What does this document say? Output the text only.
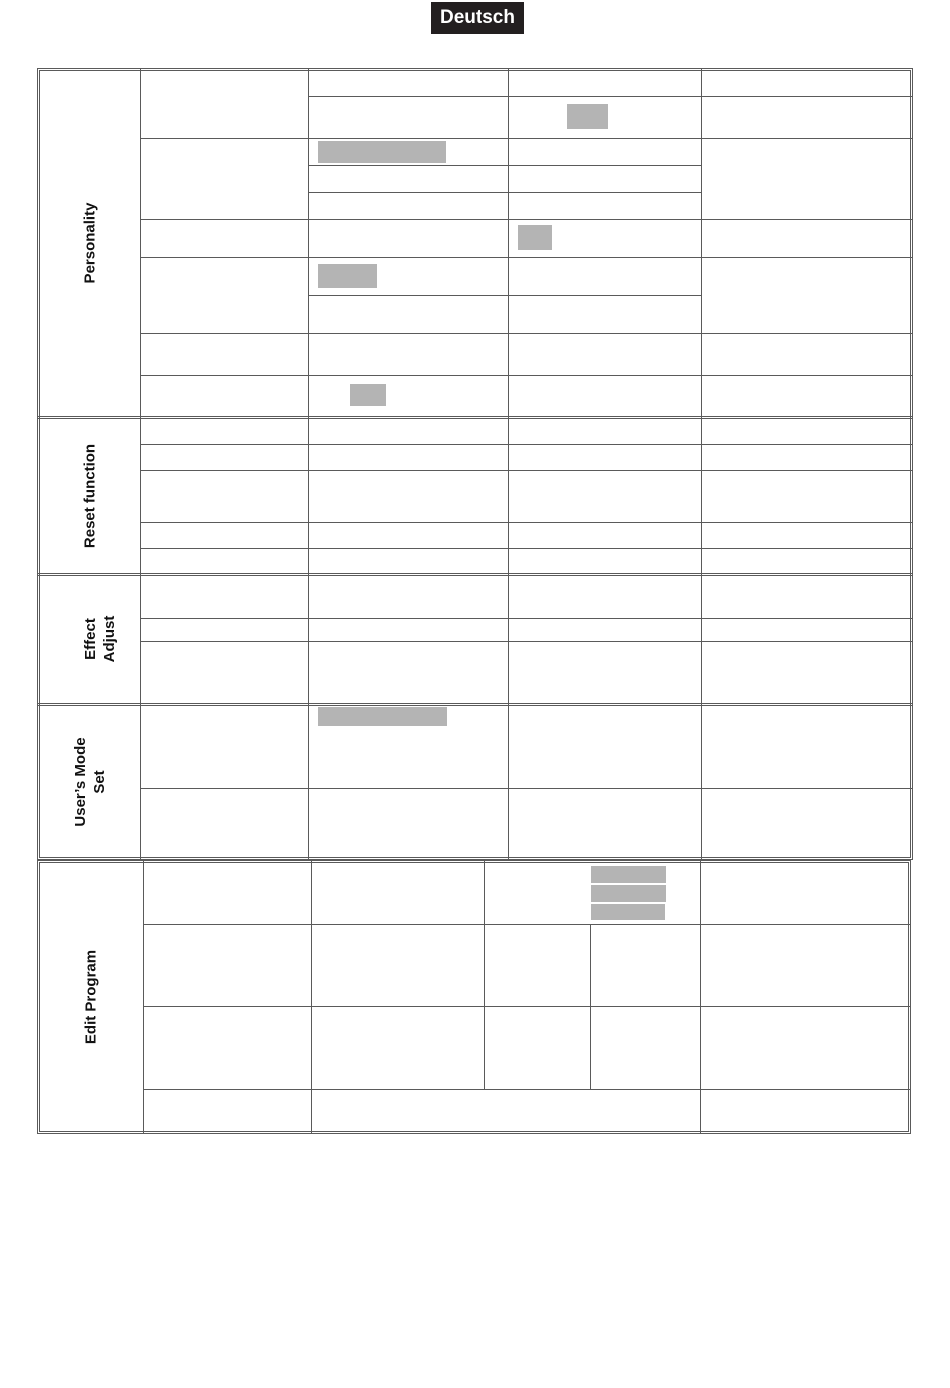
Deutsch
Personality
Reset function
Effect Adjust
User’s Mode Set
Edit Program
